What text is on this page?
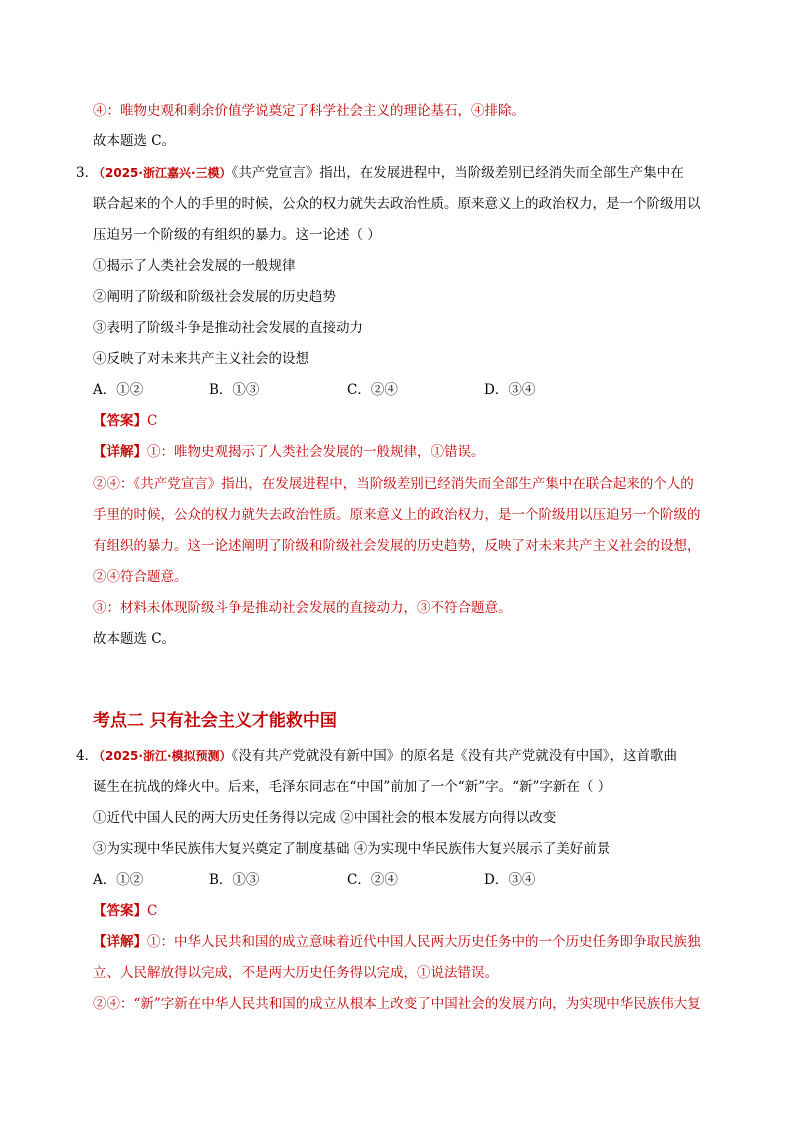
④：唯物史观和剩余价值学说奠定了科学社会主义的理论基石，④排除。
故本题选 C。
3．
（2025·浙江嘉兴·三模）《共产党宣言》指出，在发展进程中，当阶级差别已经消失而全部生产集中在
联合起来的个人的手里的时候，公众的权力就失去政治性质。原来意义上的政治权力，是一个阶级用以
压迫另一个阶级的有组织的暴力。这一论述（ ）
①揭示了人类社会发展的一般规律
②阐明了阶级和阶级社会发展的历史趋势
③表明了阶级斗争是推动社会发展的直接动力
④反映了对未来共产主义社会的设想
A．①②	B．①③	C．②④	D．③④
【答案】C
【详解】①：唯物史观揭示了人类社会发展的一般规律，①错误。
②④：《共产党宣言》指出，在发展进程中，当阶级差别已经消失而全部生产集中在联合起来的个人的
手里的时候，公众的权力就失去政治性质。原来意义上的政治权力，是一个阶级用以压迫另一个阶级的
有组织的暴力。这一论述阐明了阶级和阶级社会发展的历史趋势，反映了对未来共产主义社会的设想，
②④符合题意。
③：材料未体现阶级斗争是推动社会发展的直接动力，③不符合题意。
故本题选 C。
考点二 只有社会主义才能救中国
4．
（2025·浙江·模拟预测）《没有共产党就没有新中国》的原名是《没有共产党就没有中国》，这首歌曲
诞生在抗战的烽火中。后来，毛泽东同志在“中国”前加了一个“新”字。“新”字新在（ ）
①近代中国人民的两大历史任务得以完成 ②中国社会的根本发展方向得以改变
③为实现中华民族伟大复兴奠定了制度基础 ④为实现中华民族伟大复兴展示了美好前景
A．①②	B．①③	C．②④	D．③④
【答案】C
【详解】①：中华人民共和国的成立意味着近代中国人民两大历史任务中的一个历史任务即争取民族独
立、人民解放得以完成，不是两大历史任务得以完成，①说法错误。
②④：“新”字新在中华人民共和国的成立从根本上改变了中国社会的发展方向，为实现中华民族伟大复
